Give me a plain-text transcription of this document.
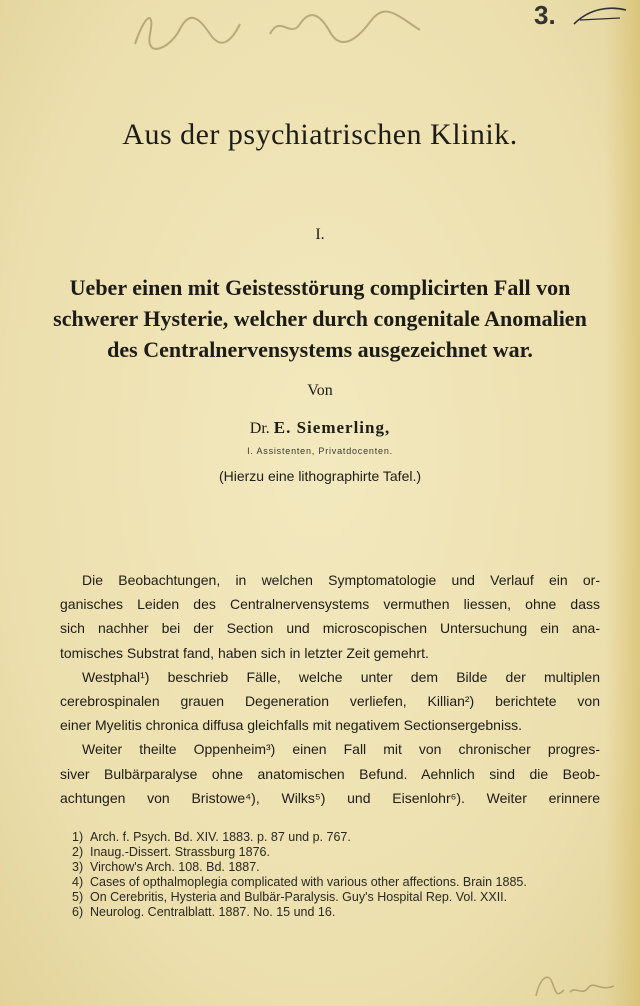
3.
Aus der psychiatrischen Klinik.
I.
Ueber einen mit Geistesstörung complicirten Fall von
schwerer Hysterie, welcher durch congenitale Anomalien
des Centralnervensystems ausgezeichnet war.
Von
Dr. E. Siemerling,
I. Assistenten, Privatdocenten.
(Hierzu eine lithographirte Tafel.)
Die Beobachtungen, in welchen Symptomatologie und Verlauf ein or-
ganisches Leiden des Centralnervensystems vermuthen liessen, ohne dass
sich nachher bei der Section und microscopischen Untersuchung ein ana-
tomisches Substrat fand, haben sich in letzter Zeit gemehrt.
Westphal¹) beschrieb Fälle, welche unter dem Bilde der multiplen
cerebrospinalen grauen Degeneration verliefen, Killian²) berichtete von
einer Myelitis chronica diffusa gleichfalls mit negativem Sectionsergebniss.
Weiter theilte Oppenheim³) einen Fall mit von chronischer progres-
siver Bulbärparalyse ohne anatomischen Befund. Aehnlich sind die Beob-
achtungen von Bristowe⁴), Wilks⁵) und Eisenlohr⁶). Weiter erinnere
1) Arch. f. Psych. Bd. XIV. 1883. p. 87 und p. 767.
2) Inaug.-Dissert. Strassburg 1876.
3) Virchow's Arch. 108. Bd. 1887.
4) Cases of opthalmoplegia complicated with various other affections. Brain 1885.
5) On Cerebritis, Hysteria and Bulbär-Paralysis. Guy's Hospital Rep. Vol. XXII.
6) Neurolog. Centralblatt. 1887. No. 15 und 16.
